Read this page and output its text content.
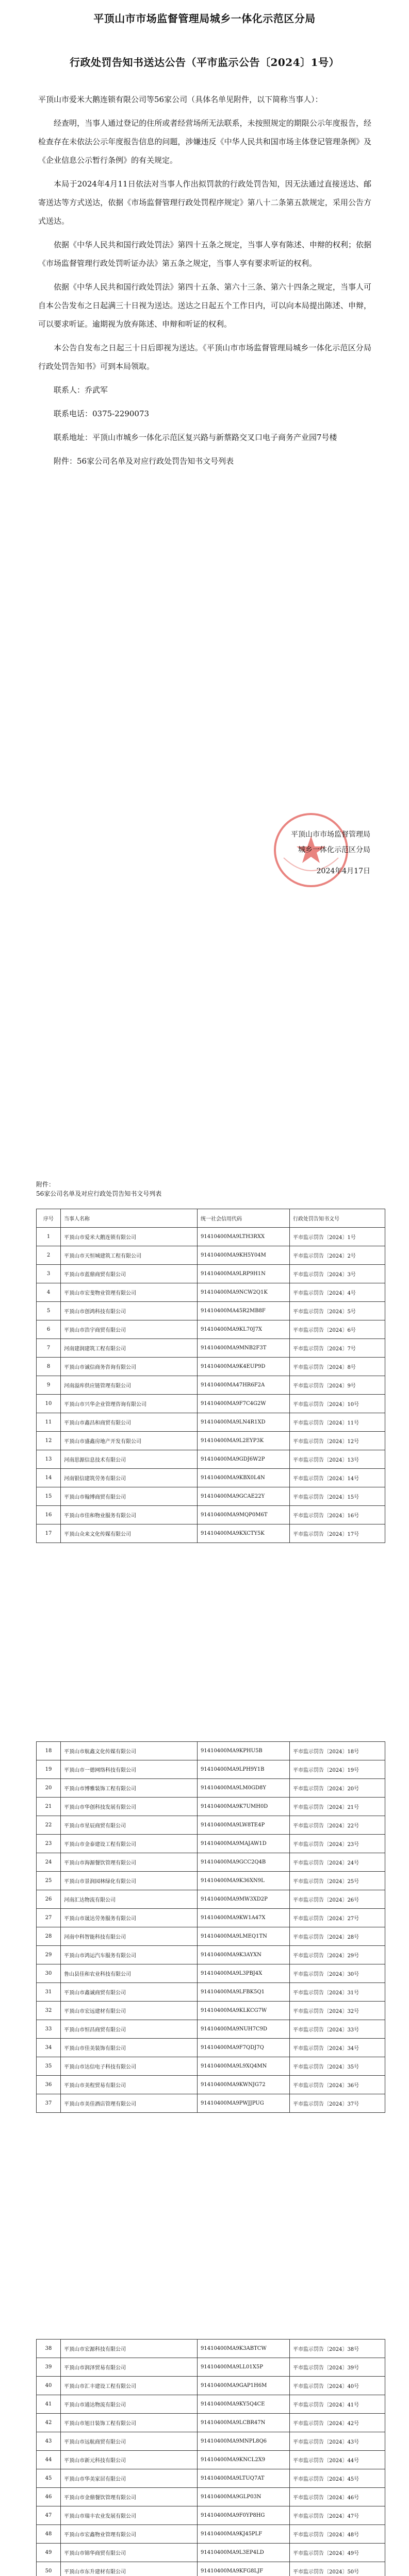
平顶山市市场监督管理局城乡一体化示范区分局
行政处罚告知书送达公告（平市监示公告〔2024〕1号）

平顶山市爱米大鹅连锁有限公司等56家公司（具体名单见附件，以下简称当事人）：

经查明，当事人通过登记的住所或者经营场所无法联系，未按照规定的期限公示年度报告，经检查存在未依法公示年度报告信息的问题，涉嫌违反《中华人民共和国市场主体登记管理条例》及《企业信息公示暂行条例》的有关规定。

本局于2024年4月11日依法对当事人作出拟罚款的行政处罚告知，因无法通过直接送达、邮寄送达等方式送达，依据《市场监督管理行政处罚程序规定》第八十二条第五款规定，采用公告方式送达。

依据《中华人民共和国行政处罚法》第四十五条之规定，当事人享有陈述、申辩的权利；依据《市场监督管理行政处罚听证办法》第五条之规定，当事人享有要求听证的权利。

依据《中华人民共和国行政处罚法》第四十五条、第六十三条、第六十四条之规定，当事人可自本公告发布之日起满三十日视为送达。送达之日起五个工作日内，可以向本局提出陈述、申辩，可以要求听证。逾期视为放弃陈述、申辩和听证的权利。

本公告自发布之日起三十日后即视为送达。《平顶山市市场监督管理局城乡一体化示范区分局行政处罚告知书》可到本局领取。

联系人：乔武军

联系电话：0375-2290073

联系地址：平顶山市城乡一体化示范区复兴路与新蔡路交叉口电子商务产业园7号楼

附件：56家公司名单及对应行政处罚告知书文号列表

平顶山市市场监督管理局
城乡一体化示范区分局
2024年4月17日
附件：
56家公司名单及对应行政处罚告知书文号列表
序号	当事人名称	统一社会信用代码	行政处罚告知书文号
1	平顶山市爱米大鹅连锁有限公司	91410400MA9LTH3RXX	平市监示罚告〔2024〕1号
2	平顶山市天恒城建筑工程有限公司	91410400MA9KH5Y04M	平市监示罚告〔2024〕2号
3	平顶山市蓝鼎商贸有限公司	91410400MA9LRP9H1N	平市监示罚告〔2024〕3号
4	平顶山市宏斐物业管理有限公司	91410400MA9NCW2Q1K	平市监示罚告〔2024〕4号
5	平顶山市创鸿科技有限公司	91410400MA45R2MB8F	平市监示罚告〔2024〕5号
6	平顶山市浩宇商贸有限公司	91410400MA9KL70J7X	平市监示罚告〔2024〕6号
7	河南建润建筑工程有限公司	91410400MA9MNB2F3T	平市监示罚告〔2024〕7号
8	平顶山市诚信商务咨询有限公司	91410400MA9K4EUP9D	平市监示罚告〔2024〕8号
9	河南溢库供应链管理有限公司	91410400MA47HR6F2A	平市监示罚告〔2024〕9号
10	平顶山市兴华企业管理咨询有限公司	91410400MA9F7C4G2W	平市监示罚告〔2024〕10号
11	平顶山市鑫昌和商贸有限公司	91410400MA9LN4R1XD	平市监示罚告〔2024〕11号
12	平顶山市盛鑫房地产开发有限公司	91410400MA9L2EYP3K	平市监示罚告〔2024〕12号
13	河南思源信息技术有限公司	91410400MA9GDJ6W2P	平市监示罚告〔2024〕13号
14	河南银信建筑劳务有限公司	91410400MA9KBX0L4N	平市监示罚告〔2024〕14号
15	平顶山市翰博商贸有限公司	91410400MA9GCAE22Y	平市监示罚告〔2024〕15号
16	平顶山市佳和物业服务有限公司	91410400MA9MQP0M6T	平市监示罚告〔2024〕16号
17	平顶山众来文化传媒有限公司	91410400MA9KXCTY5K	平市监示罚告〔2024〕17号
18	平顶山市航鑫文化传媒有限公司	91410400MA9KPHU5B	平市监示罚告〔2024〕18号
19	平顶山市一德网络科技有限公司	91410400MA9LPH9Y1B	平市监示罚告〔2024〕19号
20	平顶山市博雅装饰工程有限公司	91410400MA9LM0GD8Y	平市监示罚告〔2024〕20号
21	平顶山市华创科技发展有限公司	91410400MA9K7UMH0D	平市监示罚告〔2024〕21号
22	平顶山市星辰商贸有限公司	91410400MA9LW8TE4P	平市监示罚告〔2024〕22号
23	平顶山市金泰建设工程有限公司	91410400MA9MAJAW1D	平市监示罚告〔2024〕23号
24	平顶山市海源餐饮管理有限公司	91410400MA9GCC2Q4B	平市监示罚告〔2024〕24号
25	平顶山市景润园林绿化有限公司	91410400MA9K36XN9L	平市监示罚告〔2024〕25号
26	河南汇达物流有限公司	91410400MA9MW3XD2P	平市监示罚告〔2024〕26号
27	平顶山市晟达劳务服务有限公司	91410400MA9KW1A47X	平市监示罚告〔2024〕27号
28	河南中科智能科技有限公司	91410400MA9LMEQ1TN	平市监示罚告〔2024〕28号
29	平顶山市鸿运汽车服务有限公司	91410400MA9K3AYXN	平市监示罚告〔2024〕29号
30	鲁山县佳和农业科技有限公司	91410400MA9L3PBJ4X	平市监示罚告〔2024〕30号
31	平顶山市鑫诚商贸有限公司	91410400MA9LFBK5Q1	平市监示罚告〔2024〕31号
32	平顶山市宏远建材有限公司	91410400MA9KLKCG7W	平市监示罚告〔2024〕32号
33	平顶山市恒昌商贸有限公司	91410400MA9NUH7C9D	平市监示罚告〔2024〕33号
34	平顶山市佳美装饰有限公司	91410400MA9F7QDJ7Q	平市监示罚告〔2024〕34号
35	平顶山市达信电子科技有限公司	91410400MA9L9XQ4MN	平市监示罚告〔2024〕35号
36	平顶山市美程贸易有限公司	91410400MA9KWNJG72	平市监示罚告〔2024〕36号
37	平顶山市美佳酒店管理有限公司	91410400MA9PWJJPUG	平市监示罚告〔2024〕37号
38	平顶山市宏源科技有限公司	91410400MA9K3ABTCW	平市监示罚告〔2024〕38号
39	平顶山市润泽贸易有限公司	91410400MA9LL01X5P	平市监示罚告〔2024〕39号
40	平顶山市汇丰建设工程有限公司	91410400MA9GAP1H6M	平市监示罚告〔2024〕40号
41	平顶山市通达物流有限公司	91410400MA9KY5Q4CE	平市监示罚告〔2024〕41号
42	平顶山市旭日装饰工程有限公司	91410400MA9LCBR47N	平市监示罚告〔2024〕42号
43	平顶山市远航商贸有限公司	91410400MA9MNPL8Q6	平市监示罚告〔2024〕43号
44	平顶山市新元科技有限公司	91410400MA9KNCL2X9	平市监示罚告〔2024〕44号
45	平顶山市华美家居有限公司	91410400MA9LTUQ7AT	平市监示罚告〔2024〕45号
46	平顶山市金鼎餐饮管理有限公司	91410400MA9GLP03N	平市监示罚告〔2024〕46号
47	平顶山市瑞丰农业发展有限公司	91410400MA9F0YP8HG	平市监示罚告〔2024〕47号
48	平顶山市宏鑫物业管理有限公司	91410400MA9KJ45PLF	平市监示罚告〔2024〕48号
49	平顶山市锦华商贸有限公司	91410400MA9L3EP4LD	平市监示罚告〔2024〕49号
50	平顶山市东升建材有限公司	91410400MA9KFG8LJF	平市监示罚告〔2024〕50号
